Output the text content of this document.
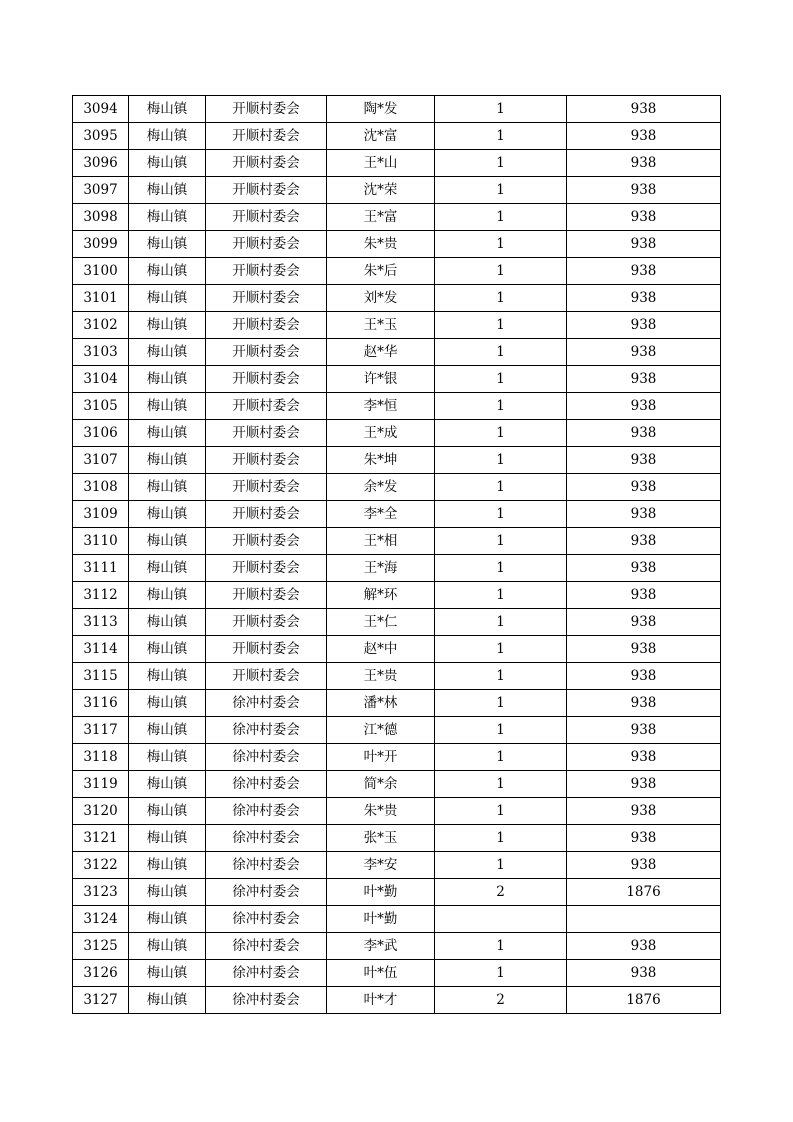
3094	梅山镇	开顺村委会	陶*发	1	938
3095	梅山镇	开顺村委会	沈*富	1	938
3096	梅山镇	开顺村委会	王*山	1	938
3097	梅山镇	开顺村委会	沈*荣	1	938
3098	梅山镇	开顺村委会	王*富	1	938
3099	梅山镇	开顺村委会	朱*贵	1	938
3100	梅山镇	开顺村委会	朱*后	1	938
3101	梅山镇	开顺村委会	刘*发	1	938
3102	梅山镇	开顺村委会	王*玉	1	938
3103	梅山镇	开顺村委会	赵*华	1	938
3104	梅山镇	开顺村委会	许*银	1	938
3105	梅山镇	开顺村委会	李*恒	1	938
3106	梅山镇	开顺村委会	王*成	1	938
3107	梅山镇	开顺村委会	朱*坤	1	938
3108	梅山镇	开顺村委会	余*发	1	938
3109	梅山镇	开顺村委会	李*全	1	938
3110	梅山镇	开顺村委会	王*相	1	938
3111	梅山镇	开顺村委会	王*海	1	938
3112	梅山镇	开顺村委会	解*环	1	938
3113	梅山镇	开顺村委会	王*仁	1	938
3114	梅山镇	开顺村委会	赵*中	1	938
3115	梅山镇	开顺村委会	王*贵	1	938
3116	梅山镇	徐冲村委会	潘*林	1	938
3117	梅山镇	徐冲村委会	江*德	1	938
3118	梅山镇	徐冲村委会	叶*开	1	938
3119	梅山镇	徐冲村委会	简*余	1	938
3120	梅山镇	徐冲村委会	朱*贵	1	938
3121	梅山镇	徐冲村委会	张*玉	1	938
3122	梅山镇	徐冲村委会	李*安	1	938
3123	梅山镇	徐冲村委会	叶*勤	2	1876
3124	梅山镇	徐冲村委会	叶*勤		
3125	梅山镇	徐冲村委会	李*武	1	938
3126	梅山镇	徐冲村委会	叶*伍	1	938
3127	梅山镇	徐冲村委会	叶*才	2	1876
